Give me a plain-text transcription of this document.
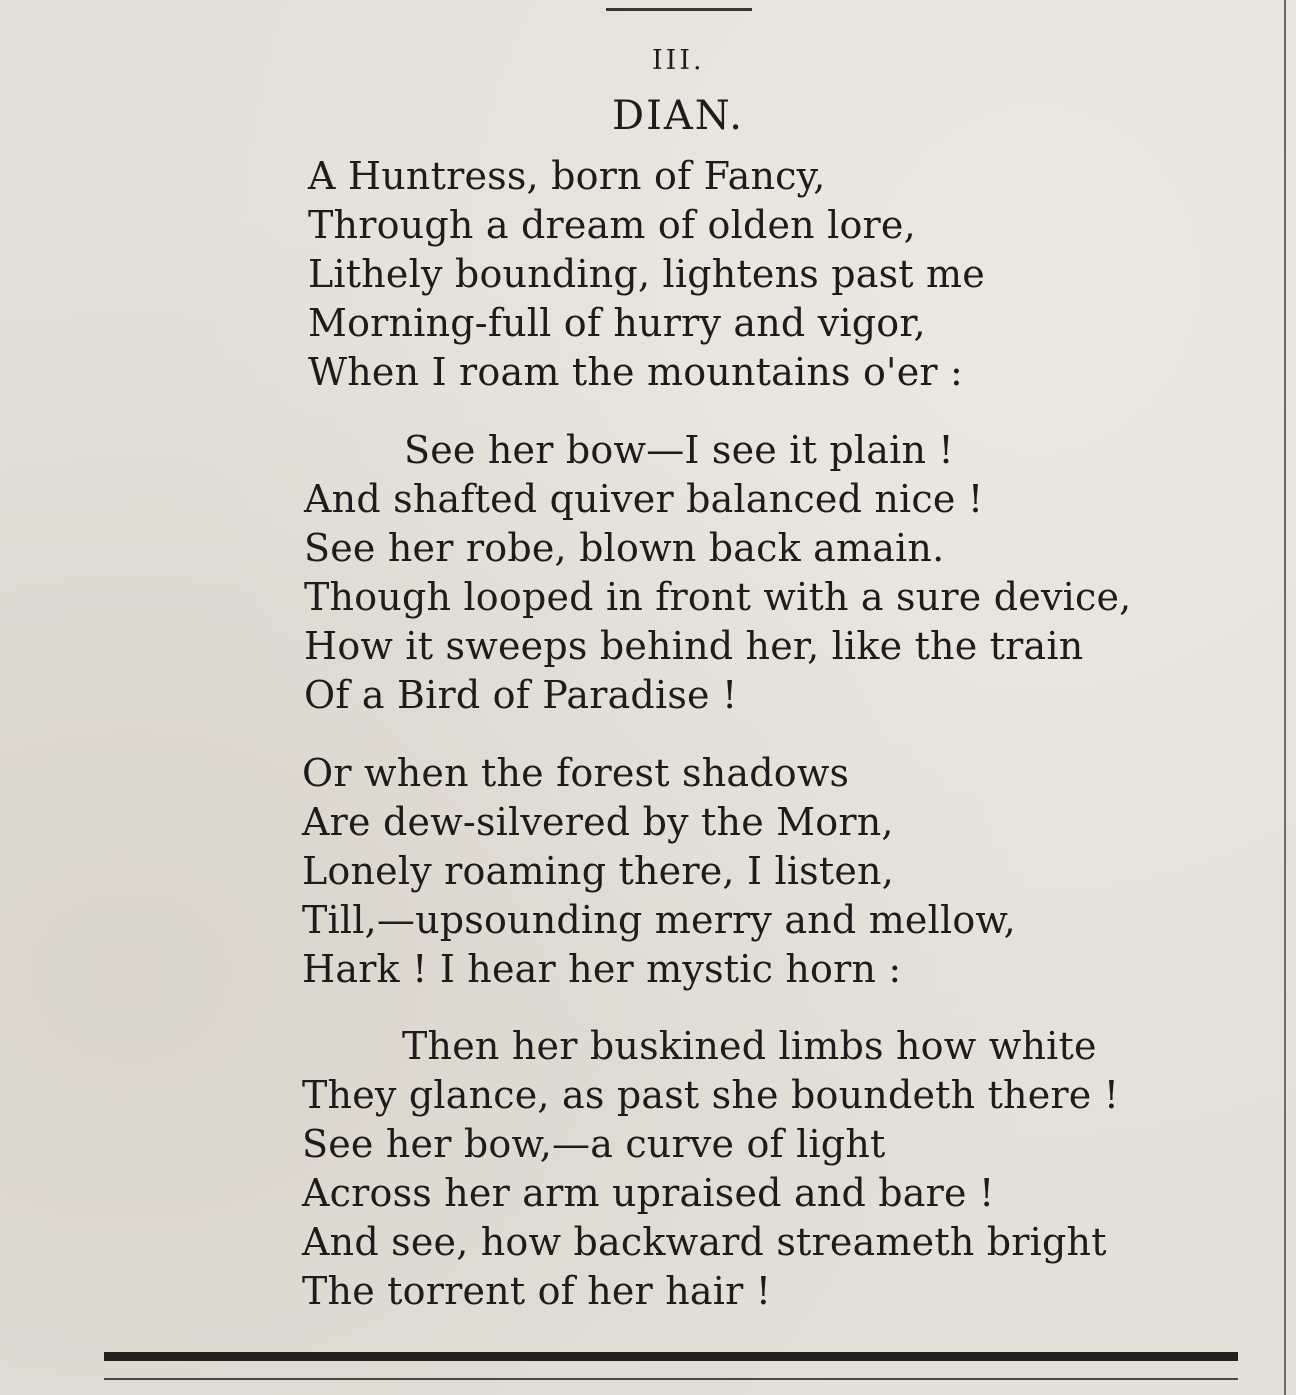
III.
DIAN.
A Huntress, born of Fancy,
Through a dream of olden lore,
Lithely bounding, lightens past me
Morning-full of hurry and vigor,
When I roam the mountains o'er :
See her bow—I see it plain !
And shafted quiver balanced nice !
See her robe, blown back amain.
Though looped in front with a sure device,
How it sweeps behind her, like the train
Of a Bird of Paradise !
Or when the forest shadows
Are dew-silvered by the Morn,
Lonely roaming there, I listen,
Till,—upsounding merry and mellow,
Hark ! I hear her mystic horn :
Then her buskined limbs how white
They glance, as past she boundeth there !
See her bow,—a curve of light
Across her arm upraised and bare !
And see, how backward streameth bright
The torrent of her hair !
